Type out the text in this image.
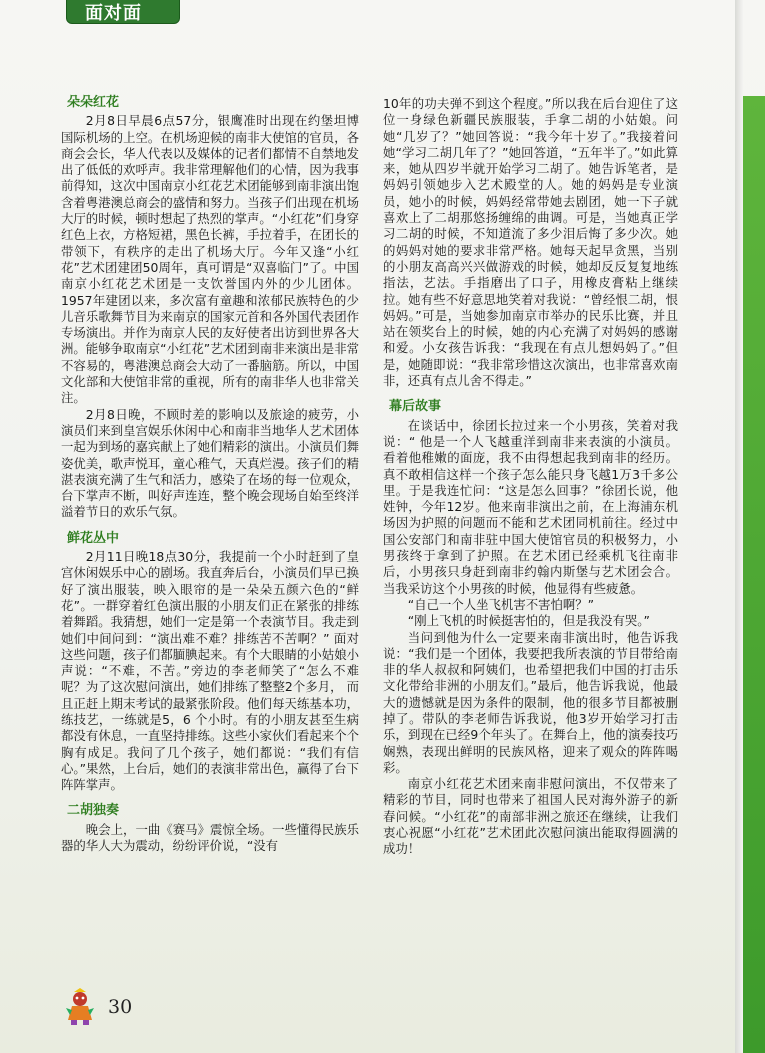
面对面
朵朵红花

2月8日早晨6点57分，银鹰准时出现在约堡坦博国际机场的上空。在机场迎候的南非大使馆的官员，各商会会长，华人代表以及媒体的记者们都情不自禁地发出了低低的欢呼声。我非常理解他们的心情，因为我事前得知，这次中国南京小红花艺术团能够到南非演出饱含着粤港澳总商会的盛情和努力。当孩子们出现在机场大厅的时候，顿时想起了热烈的掌声。“小红花”们身穿红色上衣，方格短裙，黑色长裤，手拉着手，在团长的带领下，有秩序的走出了机场大厅。今年又逢“小红花”艺术团建团50周年，真可谓是“双喜临门”了。中国南京小红花艺术团是一支饮誉国内外的少儿团体。1957年建团以来，多次富有童趣和浓郁民族特色的少儿音乐歌舞节目为来南京的国家元首和各外国代表团作专场演出。并作为南京人民的友好使者出访到世界各大洲。能够争取南京“小红花”艺术团到南非来演出是非常不容易的，粤港澳总商会大动了一番脑筋。所以，中国文化部和大使馆非常的重视，所有的南非华人也非常关注。

2月8日晚，不顾时差的影响以及旅途的疲劳，小演员们来到皇宫娱乐休闲中心和南非当地华人艺术团体一起为到场的嘉宾献上了她们精彩的演出。小演员们舞姿优美，歌声悦耳，童心稚气，天真烂漫。孩子们的精湛表演充满了生气和活力，感染了在场的每一位观众，台下掌声不断，叫好声连连，整个晚会现场自始至终洋溢着节日的欢乐气氛。

鲜花丛中

2月11日晚18点30分，我提前一个小时赶到了皇宫休闲娱乐中心的剧场。我直奔后台，小演员们早已换好了演出服装，映入眼帘的是一朵朵五颜六色的“鲜花”。一群穿着红色演出服的小朋友们正在紧张的排练着舞蹈。我猜想，她们一定是第一个表演节目。我走到她们中间问到：“演出难不难？排练苦不苦啊？” 面对这些问题，孩子们都腼腆起来。有个大眼睛的小姑娘小声说：“不难，不苦。”旁边的李老师笑了“怎么不难呢？为了这次慰问演出，她们排练了整整2个多月， 而且正赶上期末考试的最紧张阶段。他们每天练基本功，练技艺，一练就是5，6 个小时。有的小朋友甚至生病都没有休息，一直坚持排练。这些小家伙们看起来个个胸有成足。我问了几个孩子，她们都说：“我们有信心。”果然，上台后，她们的表演非常出色，赢得了台下阵阵掌声。

二胡独奏

晚会上，一曲《赛马》震惊全场。一些懂得民族乐器的华人大为震动，纷纷评价说，“没有

10年的功夫弹不到这个程度。”所以我在后台迎住了这位一身绿色新疆民族服装，手拿二胡的小姑娘。问她“几岁了？”她回答说：“我今年十岁了。”我接着问她“学习二胡几年了？”她回答道，“五年半了。”如此算来，她从四岁半就开始学习二胡了。她告诉笔者，是妈妈引领她步入艺术殿堂的人。她的妈妈是专业演员，她小的时候，妈妈经常带她去剧团，她一下子就喜欢上了二胡那悠扬缠绵的曲调。可是，当她真正学习二胡的时候，不知道流了多少泪后悔了多少次。她的妈妈对她的要求非常严格。她每天起早贪黑，当别的小朋友高高兴兴做游戏的时候，她却反反复复地练指法，艺法。手指磨出了口子，用橡皮膏粘上继续拉。她有些不好意思地笑着对我说：“曾经恨二胡，恨妈妈。”可是，当她参加南京市举办的民乐比赛，并且站在领奖台上的时候，她的内心充满了对妈妈的感谢和爱。小女孩告诉我：“我现在有点儿想妈妈了。”但是，她随即说：“我非常珍惜这次演出，也非常喜欢南非，还真有点儿舍不得走。”

幕后故事

在谈话中，徐团长拉过来一个小男孩，笑着对我说：“ 他是一个人飞越重洋到南非来表演的小演员。看着他稚嫩的面庞，我不由得想起我到南非的经历。真不敢相信这样一个孩子怎么能只身飞越1万3千多公里。于是我连忙问：“这是怎么回事？”徐团长说，他姓钟，今年12岁。他来南非演出之前，在上海浦东机场因为护照的问题而不能和艺术团同机前往。经过中国公安部门和南非驻中国大使馆官员的积极努力，小男孩终于拿到了护照。在艺术团已经乘机飞往南非后，小男孩只身赶到南非约翰内斯堡与艺术团会合。当我采访这个小男孩的时候，他显得有些疲惫。

“自己一个人坐飞机害不害怕啊？”

“刚上飞机的时候挺害怕的，但是我没有哭。”

当问到他为什么一定要来南非演出时，他告诉我说：“我们是一个团体，我要把我所表演的节目带给南非的华人叔叔和阿姨们，也希望把我们中国的打击乐文化带给非洲的小朋友们。”最后，他告诉我说，他最大的遗憾就是因为条件的限制，他的很多节目都被删掉了。带队的李老师告诉我说，他3岁开始学习打击乐，到现在已经9个年头了。在舞台上，他的演奏技巧娴熟，表现出鲜明的民族风格，迎来了观众的阵阵喝彩。

南京小红花艺术团来南非慰问演出，不仅带来了精彩的节目，同时也带来了祖国人民对海外游子的新春问候。“小红花”的南部非洲之旅还在继续，让我们衷心祝愿“小红花”艺术团此次慰问演出能取得圆满的成功！

30
